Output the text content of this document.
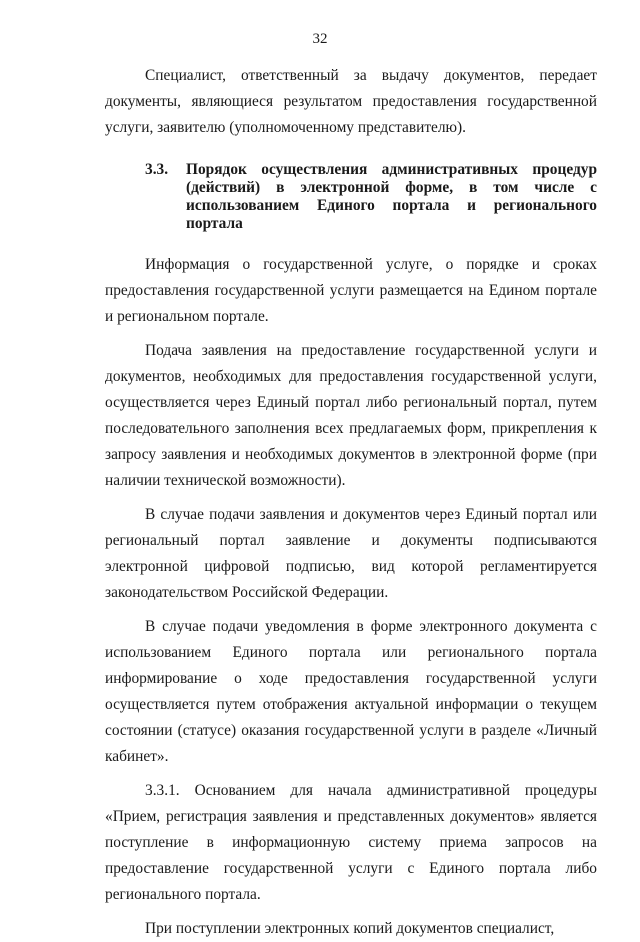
32

Специалист, ответственный за выдачу документов, передает документы, являющиеся результатом предоставления государственной услуги, заявителю (уполномоченному представителю).

3.3.	Порядок осуществления административных процедур (действий) в электронной форме, в том числе с использованием Единого портала и регионального портала

Информация о государственной услуге, о порядке и сроках предоставления государственной услуги размещается на Едином портале и региональном портале.

Подача заявления на предоставление государственной услуги и документов, необходимых для предоставления государственной услуги, осуществляется через Единый портал либо региональный портал, путем последовательного заполнения всех предлагаемых форм, прикрепления к запросу заявления и необходимых документов в электронной форме (при наличии технической возможности).

В случае подачи заявления и документов через Единый портал или региональный портал заявление и документы подписываются электронной цифровой подписью, вид которой регламентируется законодательством Российской Федерации.

В случае подачи уведомления в форме электронного документа с использованием Единого портала или регионального портала информирование о ходе предоставления государственной услуги осуществляется путем отображения актуальной информации о текущем состоянии (статусе) оказания государственной услуги в разделе «Личный кабинет».

3.3.1. Основанием для начала административной процедуры «Прием, регистрация заявления и представленных документов» является поступление в информационную систему приема запросов на предоставление государственной услуги с Единого портала либо регионального портала.

При поступлении электронных копий документов специалист,
